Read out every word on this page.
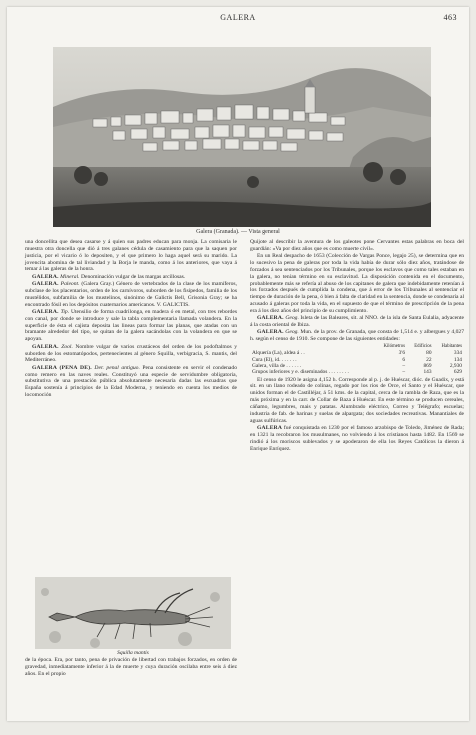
GALERA	463
Galera (Granada). — Vista general

una doncellita que desea casarse y á quien sus padres educan para monja. La comisaria le muestra otra doncella que dió á tres galanes cédula de casamiento para que la saquen por justicia, por el vicario ó lo depositen, y el que primero lo haga aquel será su marido. La jovencita abomina de tal liviandad y la Borja le manda, como á los anteriores, que vaya á temar á las galeras de la honra.

GALERA. Mineral. Denominación vulgar de las margas arcillosas.

GALERA. Paleont. (Galera Gray.) Género de vertebrados de la clase de los mamíferos, subclase de los placentarios, orden de los carnívoros, suborden de los fisípedos, familia de los mustélidos, subfamilia de los mustelinos, sinónimo de Galictis Bell, Grisonia Gray; se ha encontrado fósil en los depósitos cuaternarios americanos. V. GALICTIS.

GALERA. Tip. Utensilio de forma cuadrilonga, en madera ó en metal, con tres rebordes con canal, por donde se introduce y sale la tabla complementaria llamada volandera. En la superficie de ésta el cajista deposita las lineas para formar las planas, que atadas con un bramante alrededor del tipo, se quitan de la galera sacándolas con la volandera en que se apoyan.

GALERA. Zool. Nombre vulgar de varios crustáceos del orden de los podoftalmos y suborden de los estomatópodos, pertenecientes al género Squilla, verbigracia, S. mantis, del Mediterráneo.

GALERA (PENA DE). Der. penal antiguo. Pena consistente en servir el condenado como remero en las naves reales. Constituyó una especie de servidumbre obligatoria, substitutiva de una prestación pública absolutamente necesaria dadas las escuadras que España sostenía á principios de la Edad Moderna, y teniendo en cuenta los medios de locomoción

Squilla mantis

de la época. Era, por tanto, pena de privación de libertad con trabajos forzados, en orden de gravedad, inmediatamente inferior á la de muerte y cuya duración oscilaba entre seis á diez años. En el propio

Quijote al describir la aventura de los galeotes pone Cervantes estas palabras en boca del guardián: «Va por diez años que es como muerte civil».

En un Real despacho de 1653 (Colección de Vargas Ponce, legajo 25), se determina que en lo sucesivo la pena de galeras por toda la vida había de durar sólo diez años, tratándose de forzados á sea sentenciados por los Tribunales, porque los esclavos que como tales estaban en la galera, no tenían término en su esclavitud. La disposición contenida en el documento, probablemente más se refería al abuso de los capitanes de galera que indebidamente retenían á los forzados después de cumplida la condena, que á error de los Tribunales al sentenciar el tiempo de duración de la pena, ó bien á falta de claridad en la sentencia, donde se condenaría al acusado á galeras por toda la vida, en el supuesto de que el término de prescripción de la pena era á los diez años del principio de su cumplimiento.

GALERA. Geog. Isleta de las Baleares, sit. al NNO. de la isla de Santa Eulalia, adyacente á la costa oriental de Ibiza.

GALERA. Geog. Mun. de la prov. de Granada, que consta de 1,514 e. y albergues y 4,027 h. según el censo de 1910. Se compone de las siguientes entidades:

	Kilómetros	Edificios	Habitantes
Alquería (La), aldea á . .	3'6	80	334
Cura (El), id. . . . . . .	6	22	134
Galera, villa de . . . . . .	–	869	2,930
Grupos inferiores y e. diseminados . . . . . . . .	–	143	629

El censo de 1920 le asigna 4,152 h. Corresponde al p. j. de Huéscar, dióc. de Guadix, y está sit. en un llano rodeado de colinas, regado por los ríos de Orce, el Santo y el Huéscar, que unidos forman el de Castilléjar, á 51 kms. de la capital, cerca de la rambla de Raza, que es la más próxima y en la carr. de Collar de Baza á Huéscar. En este término se producen cereales, cáñamo, legumbres, mais y patatas. Alumbrado eléctrico, Correo y Telégrafo; escuelas; industria de fab. de harinas y suelas de alpargata; dos sociedades recreativas. Manantiales de aguas sulfúricas.

GALERA fué conquistada en 1230 por el famoso arzobispo de Toledo, Jiménez de Rada; en 1321 la recobraron los musulmanes, no volviendo á los cristianos hasta 1482. En 1569 se rindió á los moriscos sublevados y se apoderaron de ella los Reyes Católicos la dieron á Enrique Enríquez.
